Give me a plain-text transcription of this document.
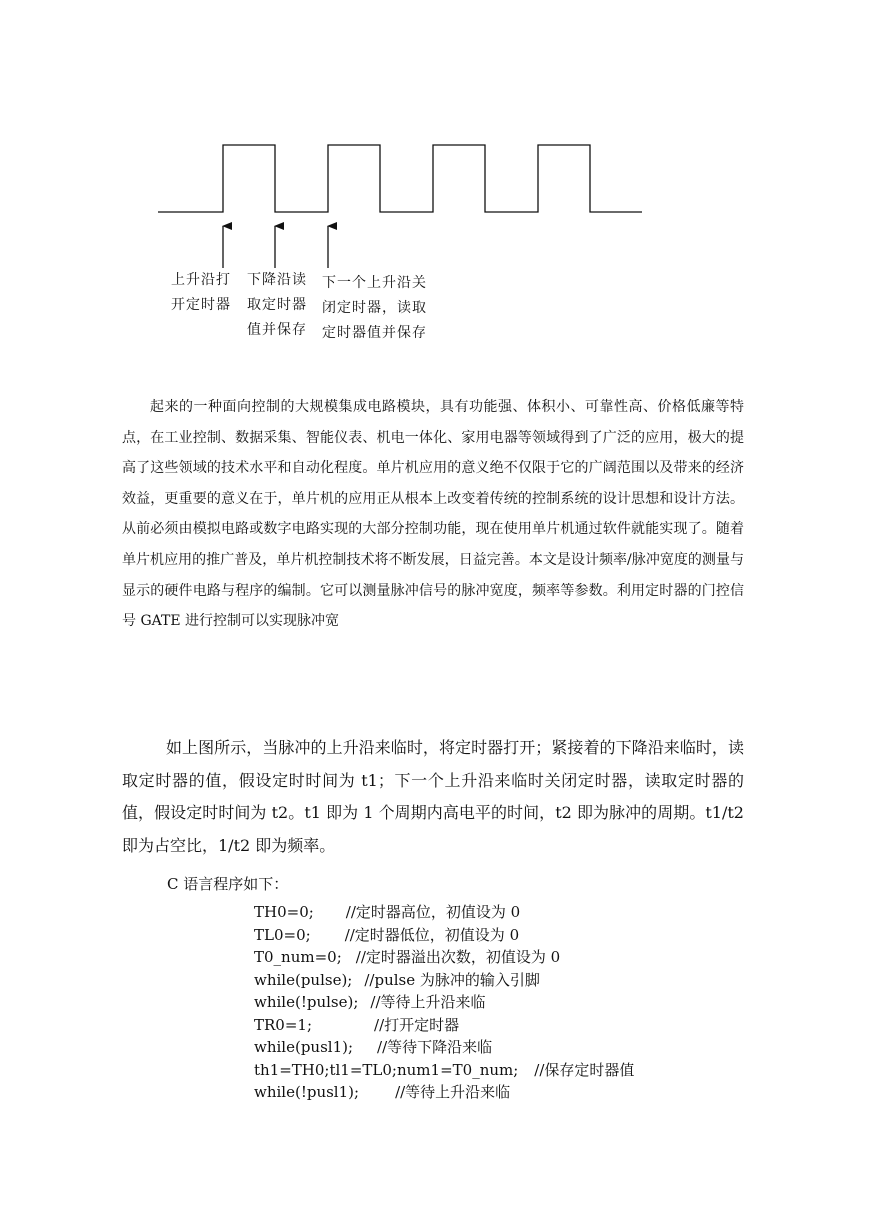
上升沿打
开定时器
下降沿读
取定时器
值并保存
下一个上升沿关
闭定时器，读取
定时器值并保存

起来的一种面向控制的大规模集成电路模块，具有功能强、体积小、可靠性高、价格低廉等特点，在工业控制、数据采集、智能仪表、机电一体化、家用电器等领域得到了广泛的应用，极大的提高了这些领域的技术水平和自动化程度。单片机应用的意义绝不仅限于它的广阔范围以及带来的经济效益，更重要的意义在于，单片机的应用正从根本上改变着传统的控制系统的设计思想和设计方法。从前必须由模拟电路或数字电路实现的大部分控制功能，现在使用单片机通过软件就能实现了。随着单片机应用的推广普及，单片机控制技术将不断发展，日益完善。本文是设计频率/脉冲宽度的测量与显示的硬件电路与程序的编制。它可以测量脉冲信号的脉冲宽度，频率等参数。利用定时器的门控信号 GATE 进行控制可以实现脉冲宽

如上图所示，当脉冲的上升沿来临时，将定时器打开；紧接着的下降沿来临时，读取定时器的值，假设定时时间为 t1；下一个上升沿来临时关闭定时器，读取定时器的值，假设定时时间为 t2。t1 即为 1 个周期内高电平的时间，t2 即为脉冲的周期。t1/t2 即为占空比，1/t2 即为频率。

C 语言程序如下：

TH0=0; //定时器高位，初值设为 0
TL0=0; //定时器低位，初值设为 0
T0_num=0; //定时器溢出次数，初值设为 0
while(pulse); //pulse 为脉冲的输入引脚
while(!pulse); //等待上升沿来临
TR0=1;	//打开定时器
while(pusl1); //等待下降沿来临
th1=TH0;tl1=TL0;num1=T0_num; //保存定时器值
while(!pusl1); //等待上升沿来临
